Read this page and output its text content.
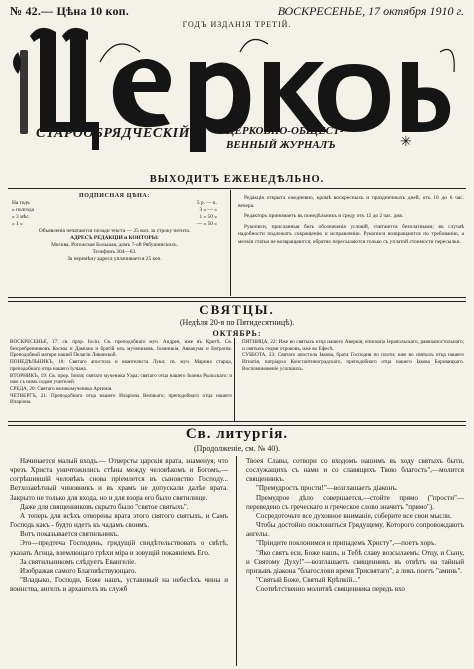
№ 42.— Цѣна 10 коп.	ВОСКРЕСЕНЬЕ, 17 октября 1910 г.
ГОДЪ ИЗДАНІЯ ТРЕТІЙ.
СТАРООБРЯДЧЕСКІЙ	ЦЕРКОВНО-ОБЩЕСТ-
ВЕННЫЙ ЖУРНАЛЪ	✳
ВЫХОДИТЪ ЕЖЕНЕДѢЛЬНО.
ПОДПИСНАЯ ЦѢНА:
На годъ	5 р. — к.
» полгода	3 » — »
» 3 мѣс.	1 » 50 »
» 1 »	— » 50 »
Объявленія печатаются позади текста — 25 коп. за строку петита.
АДРЕСЪ РЕДАКЦІИ и КОНТОРЫ:
Москва, Рогожская Большая, домъ 7-ой Рябушинскихъ.
Телефонъ 304—63.
За перемѣну адреса уплачивается 25 коп.

Редакція открыта ежедневно, кромѣ воскресныхъ и праздничныхъ дней, отъ 10 до 6 час. вечера.

Редакторъ принимаетъ въ понедѣльникъ и среду отъ 12 до 2 час. дня.

Рукописи, присланныя безъ обозначенія условій, считаются безплатными; въ случаѣ надобности подлежатъ сокращенію и исправленію. Рукописи возвращаются по требованію, а мелкія статьи не возвращаются; обратно пересылаются только съ уплатой стоимости пересылки.

СВЯТЦЫ.
(Недѣля 20-я по Пятидесятницѣ).
ОКТЯБРЬ:

ВОСКРЕСЕНЬЕ, 17: св. прор. Іосіи. Св. преподобнаго муч. Андрея, иже въ Критѣ. Св. безсребренниковъ Космы и Даміана и братій ихъ мучениковъ. Іоанникія, Аввакума и Евтропія. Преподобной матери нашей Пелагіи Ливанской.

ПОНЕДѢЛЬНИКЪ, 18: Святаго апостола и евангелиста Луки; св. муч. Марина старца, преподобнаго отца нашего Іуліана.

ВТОРНИКЪ, 19: Св. прор. Іоиля; святаго мученика Уара; святаго отца нашего Іоанна Рыльскаго; и иже съ нимъ седми учителей.

СРЕДА, 20: Святаго великомученика Артемія.

ЧЕТВЕРГЪ, 21: Преподобнаго отца нашего Иларіона Великаго; преподобнаго отца нашего Иларіона.

ПЯТНИЦА, 22: Иже во святыхъ отца нашего Аверкія, епископа Іерапольскаго, равноапостольнаго; и святыхъ седми отроковъ, иже во Ефесѣ.

СУББОТА, 23: Святаго апостола Іакова, брата Господня по плоти; иже во святыхъ отца нашего Игнатія, патріарха Константиноградскаго, преподобнаго отца нашего Іакова Боровицкаго. Воспоминовеніе усопшихъ.

Св. литургія.
(Продолженіе, см. № 40).

Начинается малый входъ.— Отверсты царскія врата, знаменуя, что чрезъ Христа уничтожились стѣны между человѣкомъ и Богомъ,—согрѣшившій человѣкъ снова пріемлется въ сыновство Господу... Ветхозавѣтный чиновникъ и въ храмъ не допускали далѣе врата. Закрыто не только для входа, но и для взора его было святилище.

Даже для священниковъ скрыто было "святое святыхъ".

А теперь для всѣхъ отворены врата этого святого святыхъ, и Самъ Господь какъ - будто идетъ къ чадамъ своимъ.

Вотъ показывается святильникъ.

Это—предтеча Господень, грядущій свидѣтельствовать о свѣтѣ, указать Агнца, вземлющаго грѣхи міра и зовущій покаяніемъ Его.

За святильникомъ слѣдуетъ Евангеліе.

Изображая самого Благовѣствующаго.

"Владыко, Господи, Боже нашъ, уставивый на небесѣхъ чины и воинства, ангелъ и архангелъ въ служб

Твоея Славы, сотвори со входомъ нашимъ въ ходу святыхъ быти, сослужащихъ съ нами и со славящихъ Твою благость",—молится священникъ.

"Премудрость прости!"—возглашаетъ діаконъ.

Премудрое дѣло совершается,—стойте прямо ("прости"—переведено съ греческаго и греческое слово значитъ "прямо").

Сосредоточьте все духовное вниманіе, соберите все свои мысли.

Чтобы достойно поклониться Грядущему, Которого сопровождаютъ ангелы.

"Пріидите поклонимся и припадемъ Христу",—поетъ хоръ.

"Яко святъ еси, Боже нашъ, и Тебѣ славу возсылаемъ: Отцу, и Сыну, и Святому Духу!"—возглашаетъ священникъ въ отвѣтъ на тайный призывъ діакона "благослови время Трисвятаго", а ликъ поетъ "аминь".

"Святый Боже, Святый Крѣпкій..."

Соотвѣтственно молитвѣ священника передъ вхо
